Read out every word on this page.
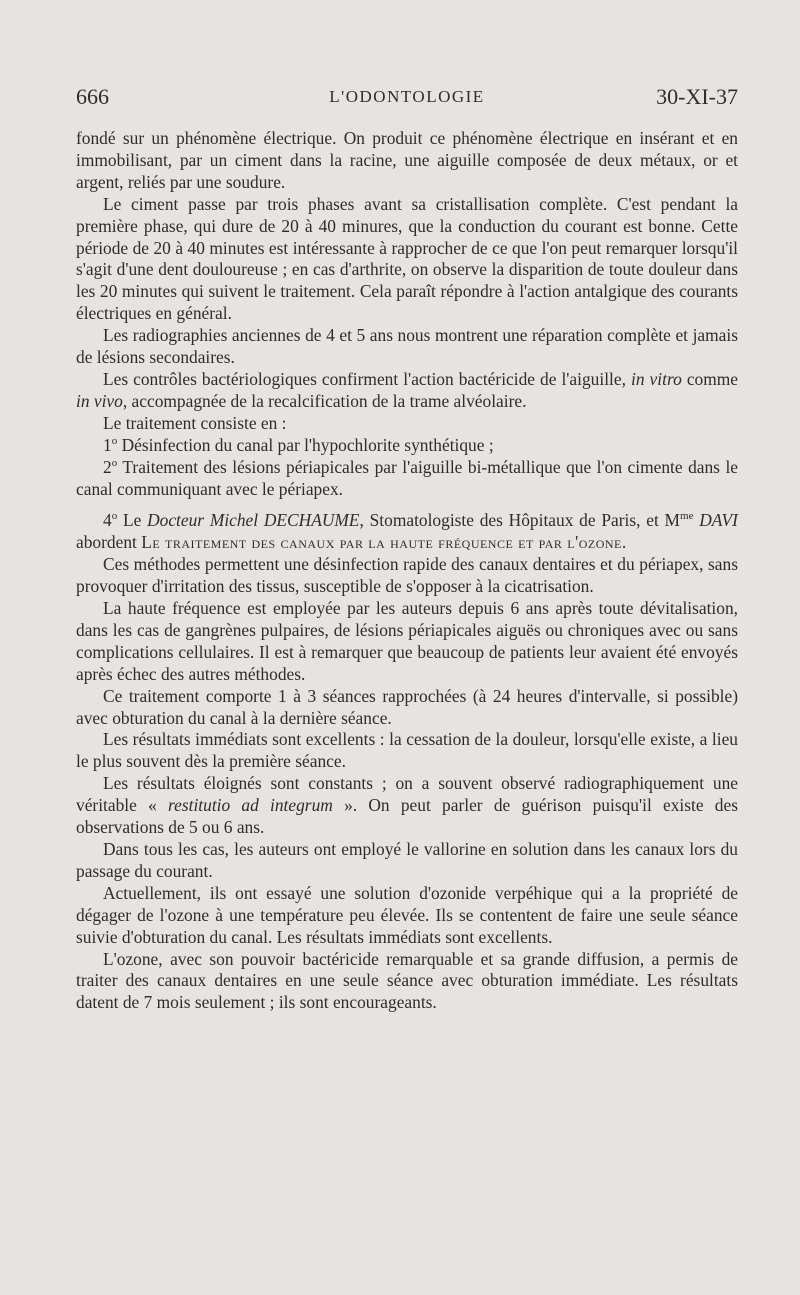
666	L'ODONTOLOGIE	30-XI-37

fondé sur un phénomène électrique. On produit ce phénomène électrique en insérant et en immobilisant, par un ciment dans la racine, une aiguille composée de deux métaux, or et argent, reliés par une soudure.

Le ciment passe par trois phases avant sa cristallisation complète. C'est pendant la première phase, qui dure de 20 à 40 minures, que la conduction du courant est bonne. Cette période de 20 à 40 minutes est intéressante à rapprocher de ce que l'on peut remarquer lorsqu'il s'agit d'une dent douloureuse ; en cas d'arthrite, on observe la disparition de toute douleur dans les 20 minutes qui suivent le traitement. Cela paraît répondre à l'action antalgique des courants électriques en général.

Les radiographies anciennes de 4 et 5 ans nous montrent une réparation complète et jamais de lésions secondaires.

Les contrôles bactériologiques confirment l'action bactéricide de l'aiguille, in vitro comme in vivo, accompagnée de la recalcification de la trame alvéolaire.

Le traitement consiste en :

1$^o$ Désinfection du canal par l'hypochlorite synthétique ;

2$^o$ Traitement des lésions périapicales par l'aiguille bi-métallique que l'on cimente dans le canal communiquant avec le périapex.

4$^o$ Le Docteur Michel DECHAUME, Stomatologiste des Hôpitaux de Paris, et $M^{me}$ DAVI abordent Le traitement des canaux par la haute fréquence et par l'ozone.

Ces méthodes permettent une désinfection rapide des canaux dentaires et du périapex, sans provoquer d'irritation des tissus, susceptible de s'opposer à la cicatrisation.

La haute fréquence est employée par les auteurs depuis 6 ans après toute dévitalisation, dans les cas de gangrènes pulpaires, de lésions périapicales aiguës ou chroniques avec ou sans complications cellulaires. Il est à remarquer que beaucoup de patients leur avaient été envoyés après échec des autres méthodes.

Ce traitement comporte 1 à 3 séances rapprochées (à 24 heures d'intervalle, si possible) avec obturation du canal à la dernière séance.

Les résultats immédiats sont excellents : la cessation de la douleur, lorsqu'elle existe, a lieu le plus souvent dès la première séance.

Les résultats éloignés sont constants ; on a souvent observé radiographiquement une véritable « restitutio ad integrum ». On peut parler de guérison puisqu'il existe des observations de 5 ou 6 ans.

Dans tous les cas, les auteurs ont employé le vallorine en solution dans les canaux lors du passage du courant.

Actuellement, ils ont essayé une solution d'ozonide verpéhique qui a la propriété de dégager de l'ozone à une température peu élevée. Ils se contentent de faire une seule séance suivie d'obturation du canal. Les résultats immédiats sont excellents.

L'ozone, avec son pouvoir bactéricide remarquable et sa grande diffusion, a permis de traiter des canaux dentaires en une seule séance avec obturation immédiate. Les résultats datent de 7 mois seulement ; ils sont encourageants.
